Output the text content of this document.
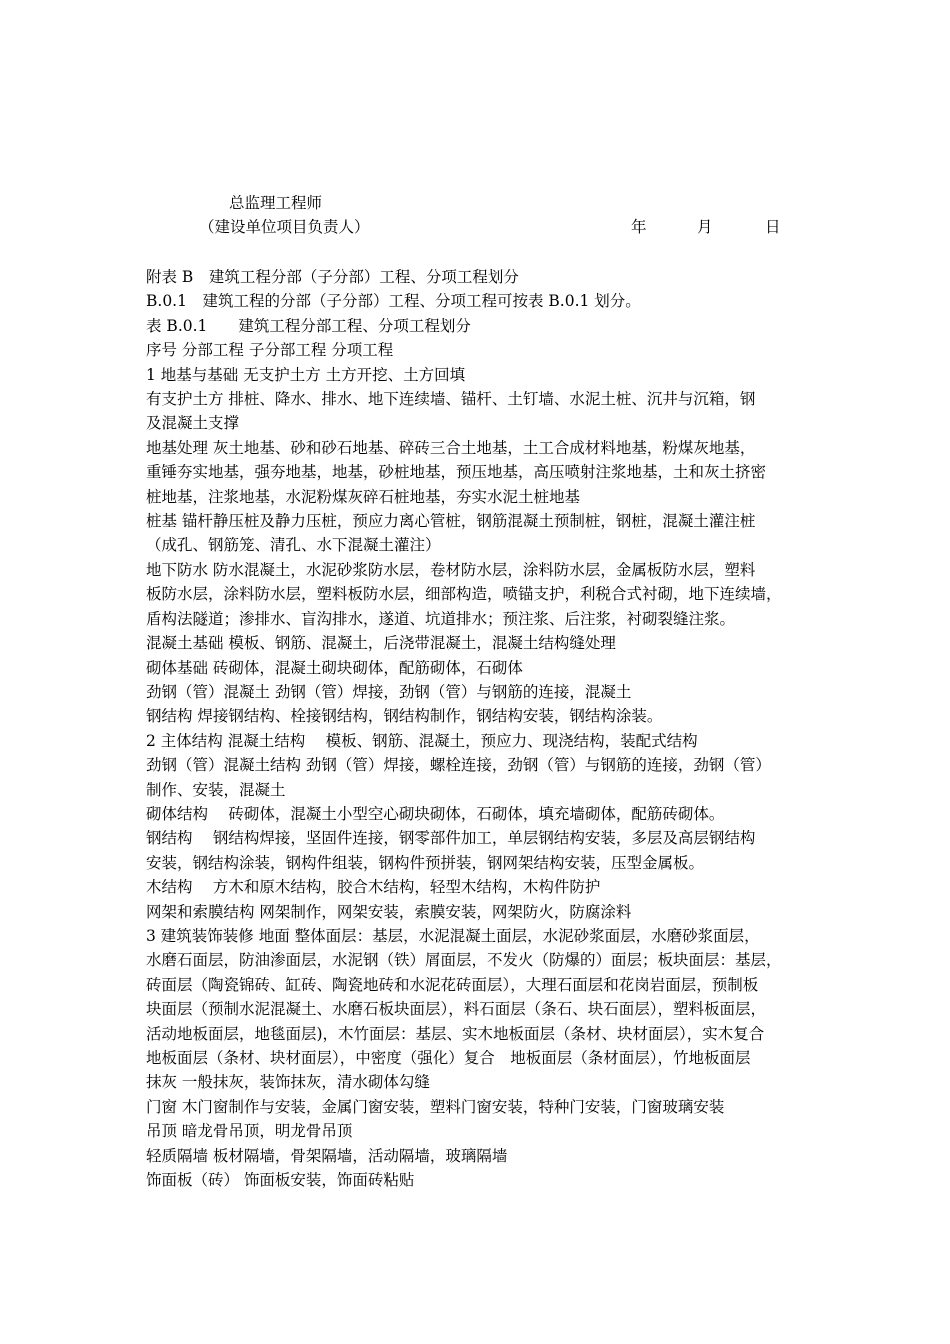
总监理工程师
（建设单位项目负责人）	年	月	日

附表 B　建筑工程分部（子分部）工程、分项工程划分

B.0.1　建筑工程的分部（子分部）工程、分项工程可按表 B.0.1 划分。

表 B.0.1　　建筑工程分部工程、分项工程划分

序号 分部工程 子分部工程 分项工程

1 地基与基础 无支护土方 土方开挖、土方回填

有支护土方 排桩、降水、排水、地下连续墙、锚杆、土钉墙、水泥土桩、沉井与沉箱，钢

及混凝土支撑

地基处理 灰土地基、砂和砂石地基、碎砖三合土地基，土工合成材料地基，粉煤灰地基，

重锤夯实地基，强夯地基，地基，砂桩地基，预压地基，高压喷射注浆地基，土和灰土挤密

桩地基，注浆地基，水泥粉煤灰碎石桩地基，夯实水泥土桩地基

桩基 锚杆静压桩及静力压桩，预应力离心管桩，钢筋混凝土预制桩，钢桩，混凝土灌注桩

（成孔、钢筋笼、清孔、水下混凝土灌注）

地下防水 防水混凝土，水泥砂浆防水层，卷材防水层，涂料防水层，金属板防水层，塑料

板防水层，涂料防水层，塑料板防水层，细部构造，喷锚支护，利税合式衬砌，地下连续墙，

盾构法隧道；渗排水、盲沟排水，遂道、坑道排水；预注浆、后注浆，衬砌裂缝注浆。

混凝土基础 模板、钢筋、混凝土，后浇带混凝土，混凝土结构缝处理

砌体基础 砖砌体，混凝土砌块砌体，配筋砌体，石砌体

劲钢（管）混凝土 劲钢（管）焊接，劲钢（管）与钢筋的连接，混凝土

钢结构 焊接钢结构、栓接钢结构，钢结构制作，钢结构安装，钢结构涂装。

2 主体结构 混凝土结构　 模板、钢筋、混凝土，预应力、现浇结构，装配式结构

劲钢（管）混凝土结构 劲钢（管）焊接，螺栓连接，劲钢（管）与钢筋的连接，劲钢（管）

制作、安装，混凝土

砌体结构　 砖砌体，混凝土小型空心砌块砌体，石砌体，填充墙砌体，配筋砖砌体。

钢结构　 钢结构焊接，坚固件连接，钢零部件加工，单层钢结构安装，多层及高层钢结构

安装，钢结构涂装，钢构件组装，钢构件预拼装，钢网架结构安装，压型金属板。

木结构　 方木和原木结构，胶合木结构，轻型木结构，木构件防护

网架和索膜结构 网架制作，网架安装，索膜安装，网架防火，防腐涂料

3 建筑装饰装修 地面 整体面层：基层，水泥混凝土面层，水泥砂浆面层，水磨砂浆面层，

水磨石面层，防油渗面层，水泥钢（铁）屑面层，不发火（防爆的）面层；板块面层：基层，

砖面层（陶瓷锦砖、缸砖、陶瓷地砖和水泥花砖面层），大理石面层和花岗岩面层，预制板

块面层（预制水泥混凝土、水磨石板块面层），料石面层（条石、块石面层），塑料板面层，

活动地板面层，地毯面层)，木竹面层：基层、实木地板面层（条材、块材面层），实木复合

地板面层（条材、块材面层），中密度（强化）复合　地板面层（条材面层），竹地板面层

抹灰 一般抹灰，装饰抹灰，清水砌体勾缝

门窗 木门窗制作与安装，金属门窗安装，塑料门窗安装，特种门安装，门窗玻璃安装

吊顶 暗龙骨吊顶，明龙骨吊顶

轻质隔墙 板材隔墙，骨架隔墙，活动隔墙，玻璃隔墙

饰面板（砖） 饰面板安装，饰面砖粘贴
